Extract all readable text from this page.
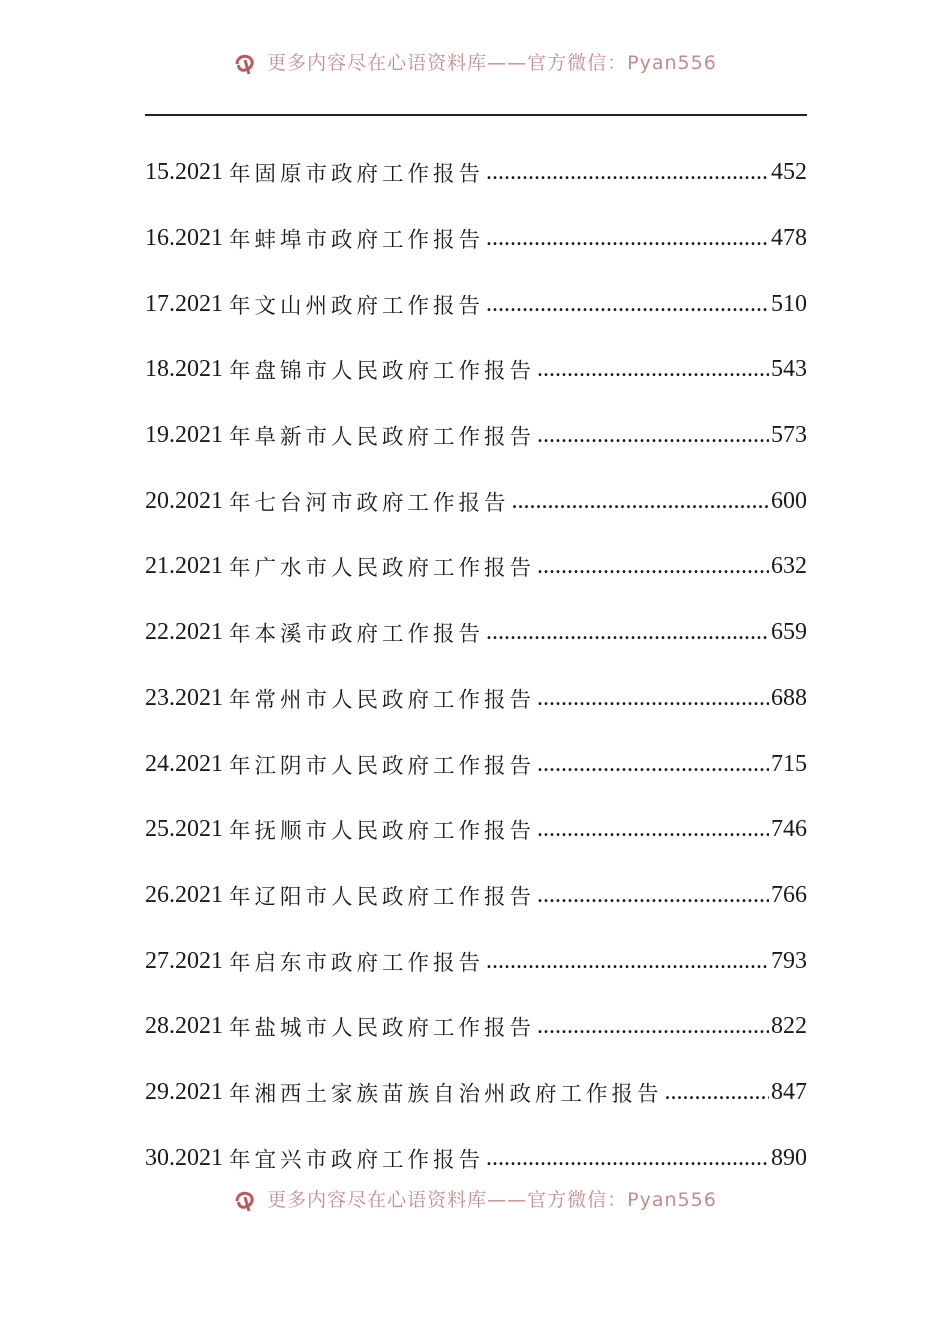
更多内容尽在心语资料库——官方微信：Pyan556
15.2021 年固原市政府工作报告 .....	452
16.2021 年蚌埠市政府工作报告 .....	478
17.2021 年文山州政府工作报告 .....	510
18.2021 年盘锦市人民政府工作报告 .....	543
19.2021 年阜新市人民政府工作报告 .....	573
20.2021 年七台河市政府工作报告 .....	600
21.2021 年广水市人民政府工作报告 .....	632
22.2021 年本溪市政府工作报告 .....	659
23.2021 年常州市人民政府工作报告 .....	688
24.2021 年江阴市人民政府工作报告 .....	715
25.2021 年抚顺市人民政府工作报告 .....	746
26.2021 年辽阳市人民政府工作报告 .....	766
27.2021 年启东市政府工作报告 .....	793
28.2021 年盐城市人民政府工作报告 .....	822
29.2021 年湘西土家族苗族自治州政府工作报告 .....	847
30.2021 年宜兴市政府工作报告 .....	890
更多内容尽在心语资料库——官方微信：Pyan556
